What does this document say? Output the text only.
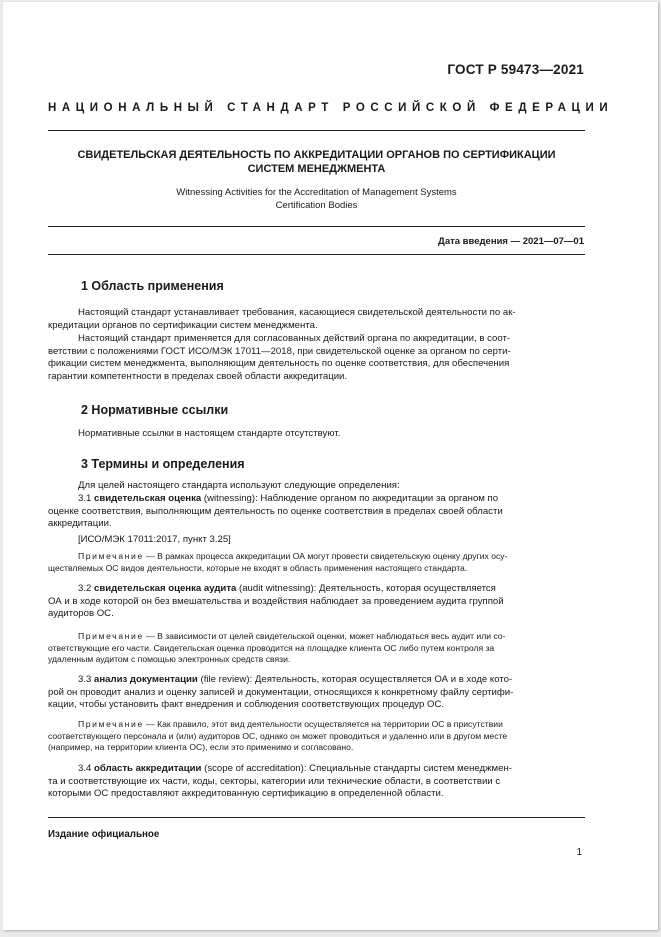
ГОСТ Р 59473—2021
НАЦИОНАЛЬНЫЙ СТАНДАРТ РОССИЙСКОЙ ФЕДЕРАЦИИ
СВИДЕТЕЛЬСКАЯ ДЕЯТЕЛЬНОСТЬ ПО АККРЕДИТАЦИИ ОРГАНОВ ПО СЕРТИФИКАЦИИ
СИСТЕМ МЕНЕДЖМЕНТА
Witnessing Activities for the Accreditation of Management Systems
Certification Bodies
Дата введения — 2021—07—01
1 Область применения
Настоящий стандарт устанавливает требования, касающиеся свидетельской деятельности по ак-
кредитации органов по сертификации систем менеджмента.
Настоящий стандарт применяется для согласованных действий органа по аккредитации, в соот-
ветствии с положениями ГОСТ ИСО/МЭК 17011—2018, при свидетельской оценке за органом по серти-
фикации систем менеджмента, выполняющим деятельность по оценке соответствия, для обеспечения
гарантии компетентности в пределах своей области аккредитации.
2 Нормативные ссылки
Нормативные ссылки в настоящем стандарте отсутствуют.
3 Термины и определения
Для целей настоящего стандарта используют следующие определения:
3.1 свидетельская оценка (witnessing): Наблюдение органом по аккредитации за органом по
оценке соответствия, выполняющим деятельность по оценке соответствия в пределах своей области
аккредитации.
[ИСО/МЭК 17011:2017, пункт 3.25]
Примечание — В рамках процесса аккредитации ОА могут провести свидетельскую оценку других осу-
ществляемых ОС видов деятельности, которые не входят в область применения настоящего стандарта.
3.2 свидетельская оценка аудита (audit witnessing): Деятельность, которая осуществляется
ОА и в ходе которой он без вмешательства и воздействия наблюдает за проведением аудита группой
аудиторов ОС.
Примечание — В зависимости от целей свидетельской оценки, может наблюдаться весь аудит или со-
ответствующие его части. Свидетельская оценка проводится на площадке клиента ОС либо путем контроля за
удаленным аудитом с помощью электронных средств связи.
3.3 анализ документации (file review): Деятельность, которая осуществляется ОА и в ходе кото-
рой он проводит анализ и оценку записей и документации, относящихся к конкретному файлу сертифи-
кации, чтобы установить факт внедрения и соблюдения соответствующих процедур ОС.
Примечание — Как правило, этот вид деятельности осуществляется на территории ОС в присутствии
соответствующего персонала и (или) аудиторов ОС, однако он может проводиться и удаленно или в другом месте
(например, на территории клиента ОС), если это применимо и согласовано.
3.4 область аккредитации (scope of accreditation): Специальные стандарты систем менеджмен-
та и соответствующие их части, коды, секторы, категории или технические области, в соответствии с
которыми ОС предоставляют аккредитованную сертификацию в определенной области.
Издание официальное
1
